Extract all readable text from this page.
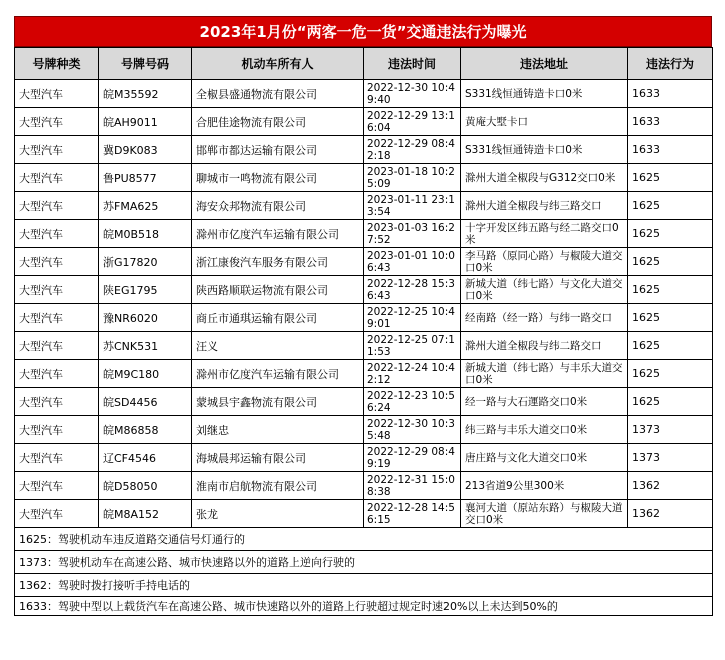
2023年1月份“两客一危一货”交通违法行为曝光
号牌种类	号牌号码	机动车所有人	违法时间	违法地址	违法行为
大型汽车	皖M35592	全椒县盛通物流有限公司	2022-12-30 10:49:40	S331线恒通铸造卡口0米	1633
大型汽车	皖AH9011	合肥佳途物流有限公司	2022-12-29 13:16:04	黄庵大墅卡口	1633
大型汽车	冀D9K083	邯郸市都达运输有限公司	2022-12-29 08:42:18	S331线恒通铸造卡口0米	1633
大型汽车	鲁PU8577	聊城市一鸣物流有限公司	2023-01-18 10:25:09	滁州大道全椒段与G312交口0米	1625
大型汽车	苏FMA625	海安众邦物流有限公司	2023-01-11 23:13:54	滁州大道全椒段与纬三路交口	1625
大型汽车	皖M0B518	滁州市亿度汽车运输有限公司	2023-01-03 16:27:52	十字开发区纬五路与经二路交口0米	1625
大型汽车	浙G17820	浙江康俊汽车服务有限公司	2023-01-01 10:06:43	李马路（原同心路）与椒陵大道交口0米	1625
大型汽车	陕EG1795	陕西路顺联运物流有限公司	2022-12-28 15:36:43	新城大道（纬七路）与文化大道交口0米	1625
大型汽车	豫NR6020	商丘市通琪运输有限公司	2022-12-25 10:49:01	经南路（经一路）与纬一路交口	1625
大型汽车	苏CNK531	汪义	2022-12-25 07:11:53	滁州大道全椒段与纬二路交口	1625
大型汽车	皖M9C180	滁州市亿度汽车运输有限公司	2022-12-24 10:42:12	新城大道（纬七路）与丰乐大道交口0米	1625
大型汽车	皖SD4456	蒙城县宇鑫物流有限公司	2022-12-23 10:56:24	经一路与大石運路交口0米	1625
大型汽车	皖M86858	刘继忠	2022-12-30 10:35:48	纬三路与丰乐大道交口0米	1373
大型汽车	辽CF4546	海城晨邦运输有限公司	2022-12-29 08:49:19	唐庄路与文化大道交口0米	1373
大型汽车	皖D58050	淮南市启航物流有限公司	2022-12-31 15:08:38	213省道9公里300米	1362
大型汽车	皖M8A152	张龙	2022-12-28 14:56:15	襄河大道（原站东路）与椒陵大道交口0米	1362
1625：驾驶机动车违反道路交通信号灯通行的					
1373：驾驶机动车在高速公路、城市快速路以外的道路上逆向行驶的					
1362：驾驶时拨打接听手持电话的					
1633：驾驶中型以上载货汽车在高速公路、城市快速路以外的道路上行驶超过规定时速20%以上未达到50%的					
